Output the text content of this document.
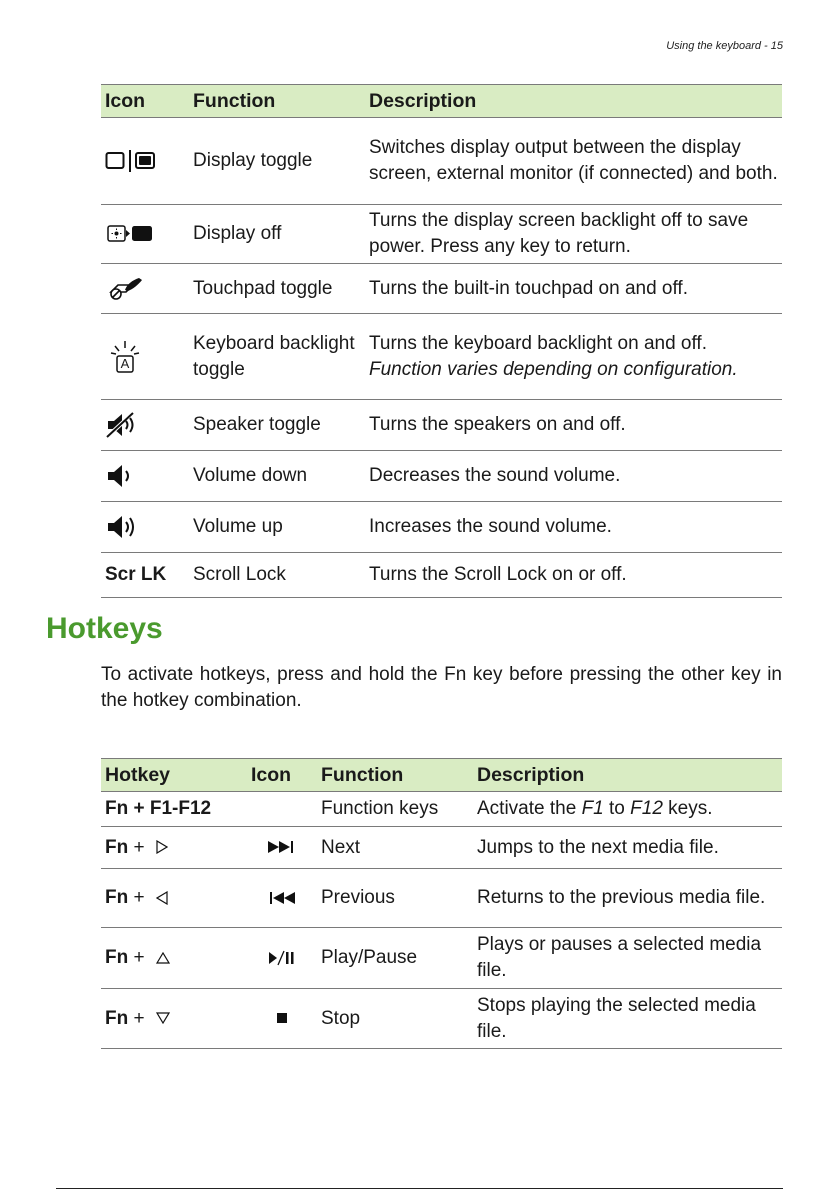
Using the keyboard - 15
Icon	Function	Description
	Display toggle	Switches display output between the display screen, external monitor (if connected) and both.
	Display off	Turns the display screen backlight off to save power. Press any key to return.
	Touchpad toggle	Turns the built-in touchpad on and off.

A	Keyboard backlight toggle	Turns the keyboard backlight on and off.
Function varies depending on configuration.
	Speaker toggle	Turns the speakers on and off.
	Volume down	Decreases the sound volume.
	Volume up	Increases the sound volume.
Scr LK	Scroll Lock	Turns the Scroll Lock on or off.
Hotkeys

To activate hotkeys, press and hold the Fn key before pressing the other key in the hotkey combination.

Hotkey	Icon	Function	Description
Fn + F1-F12		Function keys	Activate the F1 to F12 keys.
Fn +		Next	Jumps to the next media file.
Fn +		Previous	Returns to the previous media file.
Fn +		Play/Pause	Plays or pauses a selected media file.
Fn +		Stop	Stops playing the selected media file.
